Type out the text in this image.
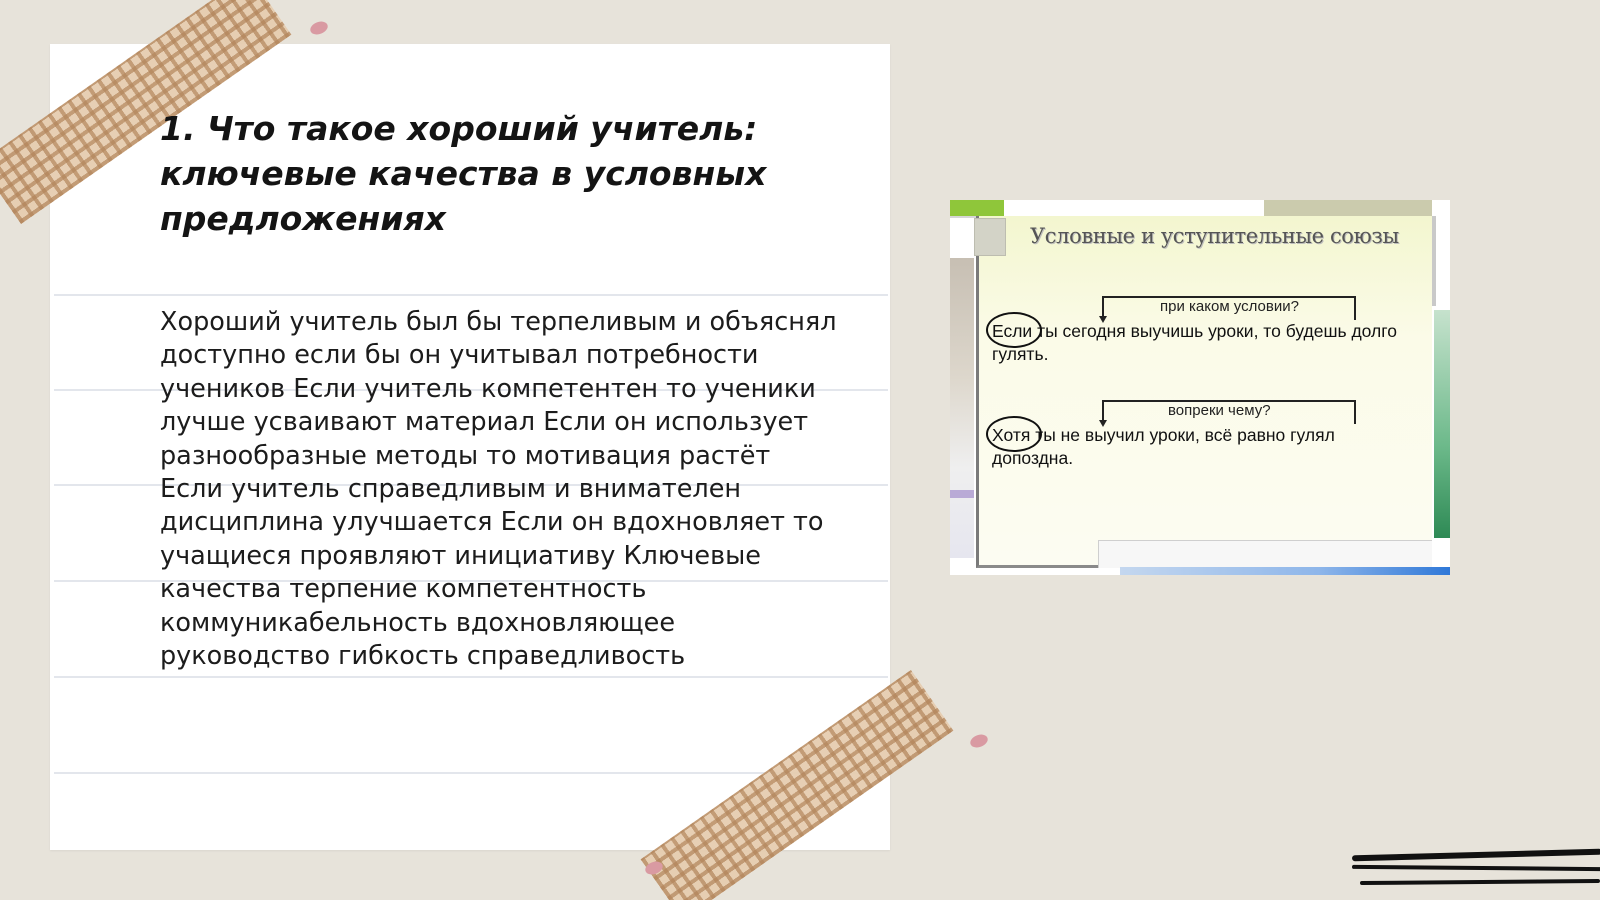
1. Что такое хороший учитель: ключевые качества в условных предложениях

Хороший учитель был бы терпеливым и объяснял доступно если бы он учитывал потребности учеников Если учитель компетентен то ученики лучше усваивают материал Если он использует разнообразные методы то мотивация растёт Если учитель справедливым и внимателен дисциплина улучшается Если он вдохновляет то учащиеся проявляют инициативу Ключевые качества терпение компетентность коммуникабельность вдохновляющее руководство гибкость справедливость

Условные и уступительные союзы
при каком условии?
Если ты сегодня выучишь уроки, то будешь долго гулять.
вопреки чему?
Хотя ты не выучил уроки, всё равно гулял допоздна.
